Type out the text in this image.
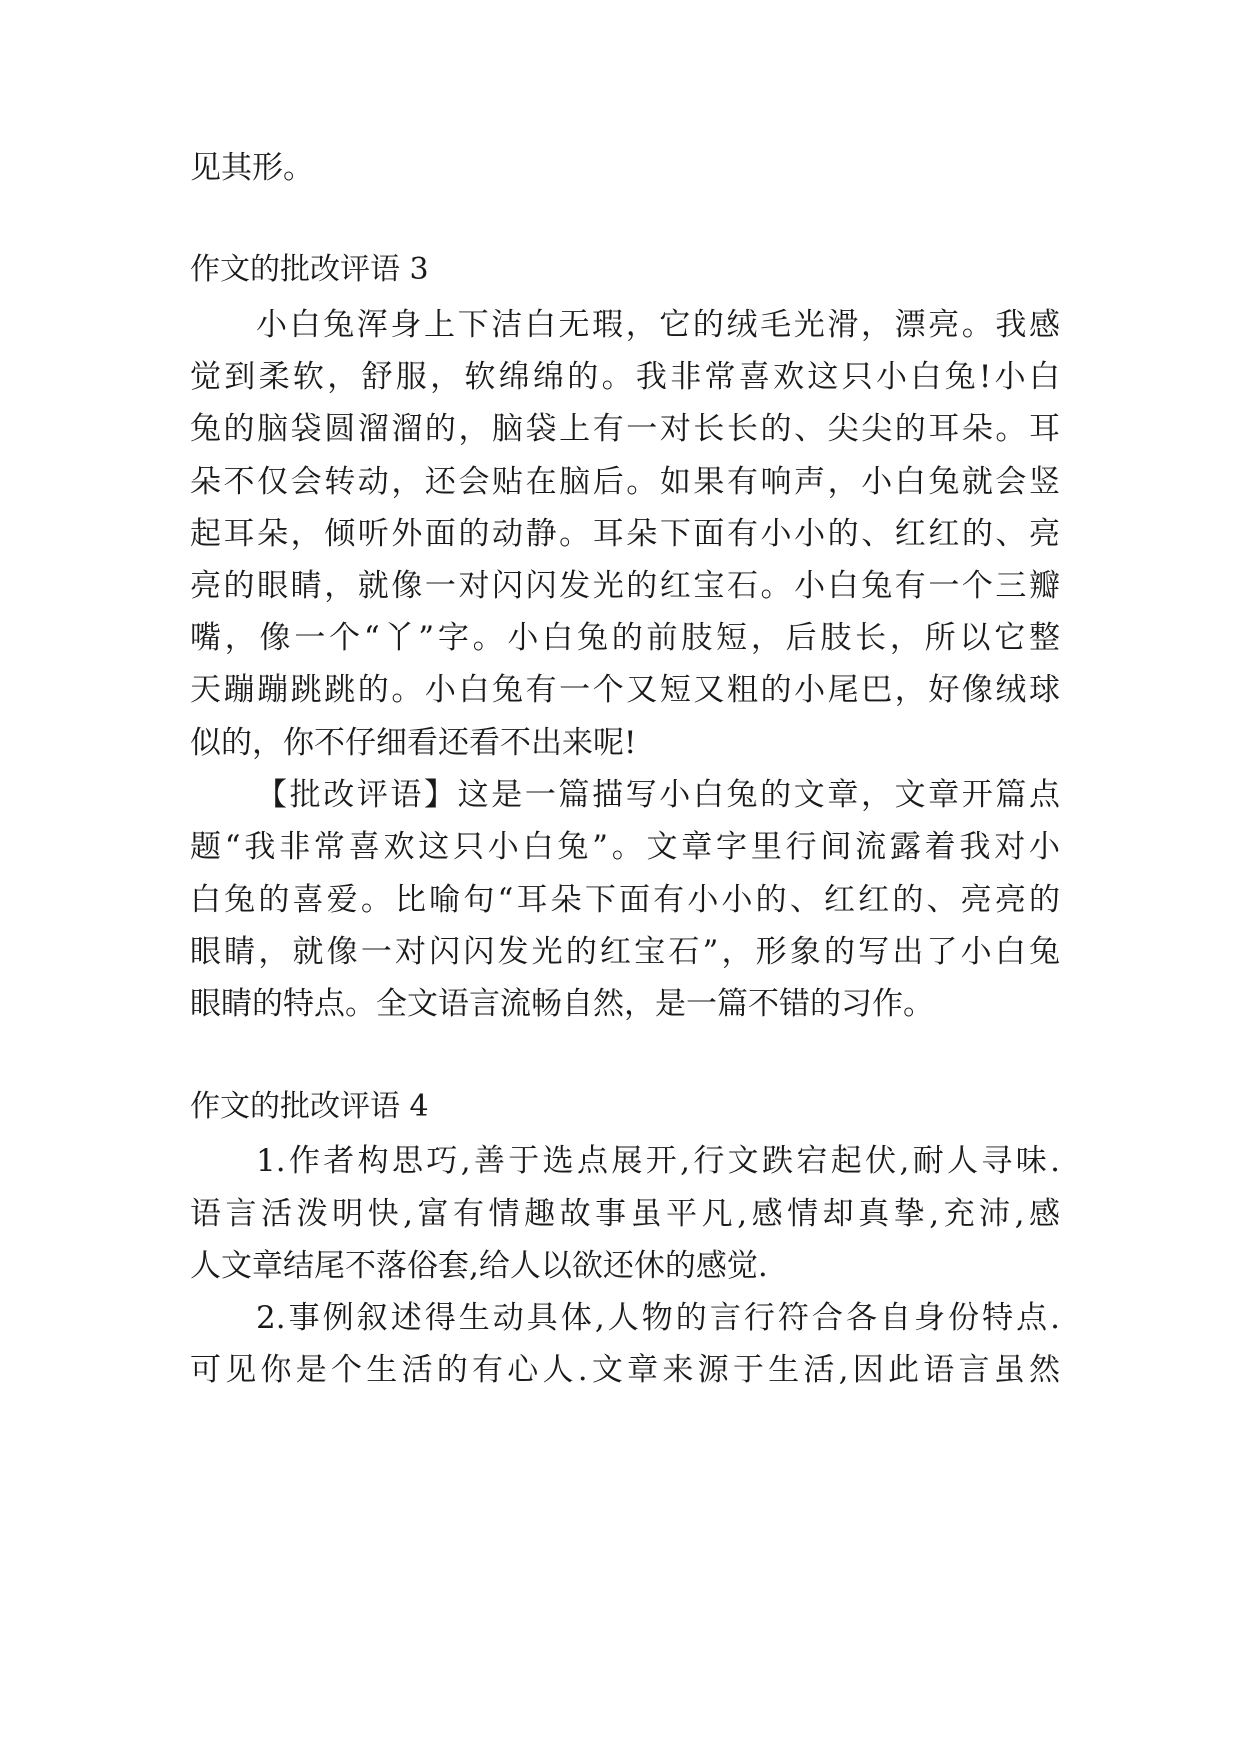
见其形。
作文的批改评语 3
小白兔浑身上下洁白无瑕，它的绒毛光滑，漂亮。我感
觉到柔软，舒服，软绵绵的。我非常喜欢这只小白兔!小白
兔的脑袋圆溜溜的，脑袋上有一对长长的、尖尖的耳朵。耳
朵不仅会转动，还会贴在脑后。如果有响声，小白兔就会竖
起耳朵，倾听外面的动静。耳朵下面有小小的、红红的、亮
亮的眼睛，就像一对闪闪发光的红宝石。小白兔有一个三瓣
嘴，像一个“丫”字。小白兔的前肢短，后肢长，所以它整
天蹦蹦跳跳的。小白兔有一个又短又粗的小尾巴，好像绒球
似的，你不仔细看还看不出来呢!
【批改评语】这是一篇描写小白兔的文章，文章开篇点
题“我非常喜欢这只小白兔”。文章字里行间流露着我对小
白兔的喜爱。比喻句“耳朵下面有小小的、红红的、亮亮的
眼睛，就像一对闪闪发光的红宝石”，形象的写出了小白兔
眼睛的特点。全文语言流畅自然，是一篇不错的习作。
作文的批改评语 4
1.作者构思巧,善于选点展开,行文跌宕起伏,耐人寻味.
语言活泼明快,富有情趣故事虽平凡,感情却真挚,充沛,感
人文章结尾不落俗套,给人以欲还休的感觉.
2.事例叙述得生动具体,人物的言行符合各自身份特点.
可见你是个生活的有心人.文章来源于生活,因此语言虽然
